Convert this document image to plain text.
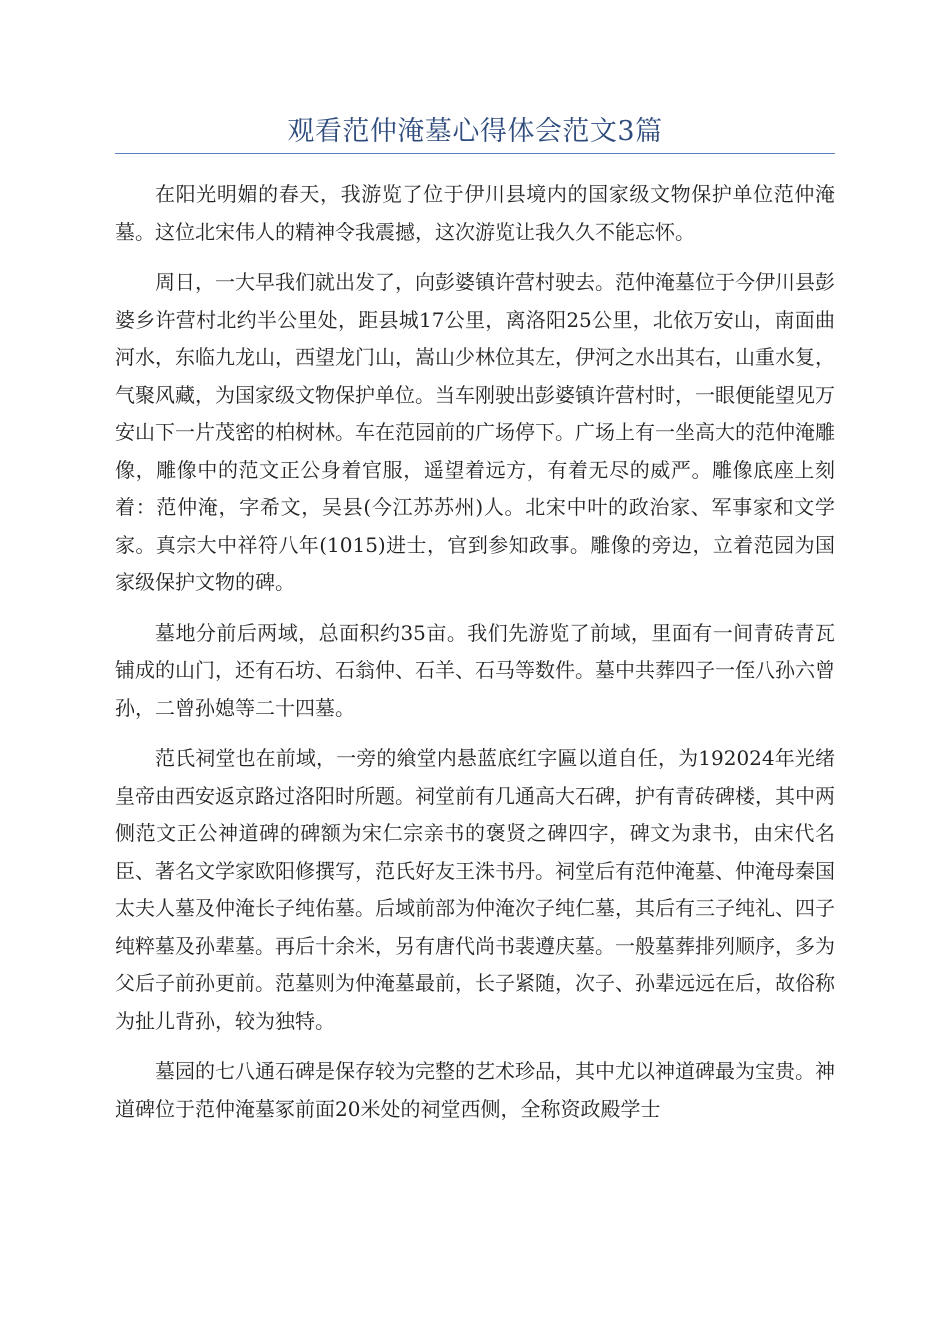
观看范仲淹墓心得体会范文3篇

在阳光明媚的春天，我游览了位于伊川县境内的国家级文物保护单位范仲淹墓。这位北宋伟人的精神令我震撼，这次游览让我久久不能忘怀。

周日，一大早我们就出发了，向彭婆镇许营村驶去。范仲淹墓位于今伊川县彭婆乡许营村北约半公里处，距县城17公里，离洛阳25公里，北依万安山，南面曲河水，东临九龙山，西望龙门山，嵩山少林位其左，伊河之水出其右，山重水复，气聚风藏，为国家级文物保护单位。当车刚驶出彭婆镇许营村时，一眼便能望见万安山下一片茂密的柏树林。车在范园前的广场停下。广场上有一坐高大的范仲淹雕像，雕像中的范文正公身着官服，遥望着远方，有着无尽的威严。雕像底座上刻着：范仲淹，字希文，吴县(今江苏苏州)人。北宋中叶的政治家、军事家和文学家。真宗大中祥符八年(1015)进士，官到参知政事。雕像的旁边，立着范园为国家级保护文物的碑。

墓地分前后两域，总面积约35亩。我们先游览了前域，里面有一间青砖青瓦铺成的山门，还有石坊、石翁仲、石羊、石马等数件。墓中共葬四子一侄八孙六曾孙，二曾孙媳等二十四墓。

范氏祠堂也在前域，一旁的飨堂内悬蓝底红字匾以道自任，为192024年光绪皇帝由西安返京路过洛阳时所题。祠堂前有几通高大石碑，护有青砖碑楼，其中两侧范文正公神道碑的碑额为宋仁宗亲书的褒贤之碑四字，碑文为隶书，由宋代名臣、著名文学家欧阳修撰写，范氏好友王洙书丹。祠堂后有范仲淹墓、仲淹母秦国太夫人墓及仲淹长子纯佑墓。后域前部为仲淹次子纯仁墓，其后有三子纯礼、四子纯粹墓及孙辈墓。再后十余米，另有唐代尚书裴遵庆墓。一般墓葬排列顺序，多为父后子前孙更前。范墓则为仲淹墓最前，长子紧随，次子、孙辈远远在后，故俗称为扯儿背孙，较为独特。

墓园的七八通石碑是保存较为完整的艺术珍品，其中尤以神道碑最为宝贵。神道碑位于范仲淹墓冢前面20米处的祠堂西侧，全称资政殿学士
